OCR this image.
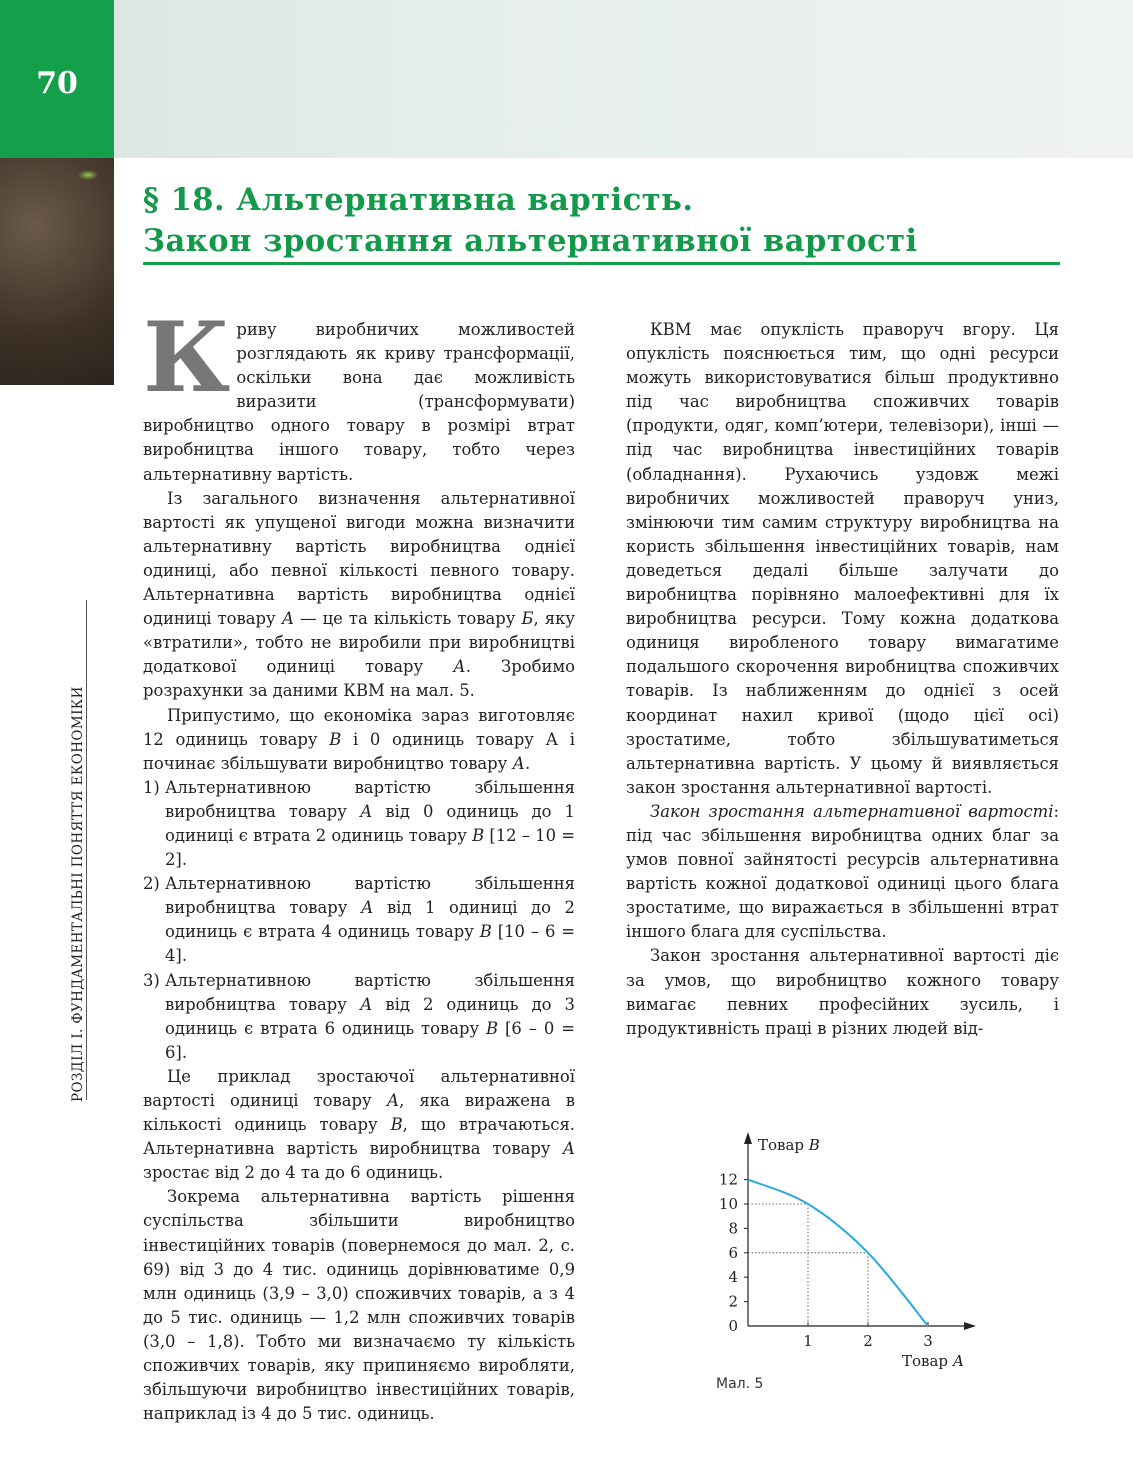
70
РОЗДІЛ І. ФУНДАМЕНТАЛЬНІ ПОНЯТТЯ ЕКОНОМІКИ
§ 18. Альтернативна вартість.
Закон зростання альтернативної вартості

Криву виробничих можливостей розглядають як криву трансформації, оскільки вона дає можливість виразити (трансформувати) виробництво одного товару в розмірі втрат виробництва іншого товару, тобто через альтернативну вартість.

Із загального визначення альтернативної вартості як упущеної вигоди можна визначити альтернативну вартість виробництва однієї одиниці, або певної кількості певного товару. Альтернативна вартість виробництва однієї одиниці товару А — це та кількість товару Б, яку «втратили», тобто не виробили при виробництві додаткової одиниці товару А. Зробимо розрахунки за даними КВМ на мал. 5.

Припустимо, що економіка зараз виготовляє 12 одиниць товару В і 0 одиниць товару А і починає збільшувати виробництво товару А.

1) Альтернативною вартістю збільшення виробництва товару А від 0 одиниць до 1 одиниці є втрата 2 одиниць товару В [12 – 10 = 2].
2) Альтернативною вартістю збільшення виробництва товару А від 1 одиниці до 2 одиниць є втрата 4 одиниць товару В [10 – 6 = 4].
3) Альтернативною вартістю збільшення виробництва товару А від 2 одиниць до 3 одиниць є втрата 6 одиниць товару В [6 – 0 = 6].

Це приклад зростаючої альтернативної вартості одиниці товару А, яка виражена в кількості одиниць товару В, що втрачаються. Альтернативна вартість виробництва товару А зростає від 2 до 4 та до 6 одиниць.

Зокрема альтернативна вартість рішення суспільства збільшити виробництво інвестиційних товарів (повернемося до мал. 2, с. 69) від 3 до 4 тис. одиниць дорівнюватиме 0,9 млн одиниць (3,9 – 3,0) споживчих товарів, а з 4 до 5 тис. одиниць — 1,2 млн споживчих товарів (3,0 – 1,8). Тобто ми визначаємо ту кількість споживчих товарів, яку припиняємо виробляти, збільшуючи виробництво інвестиційних товарів, наприклад із 4 до 5 тис. одиниць.

КВМ має опуклість праворуч вгору. Ця опуклість пояснюється тим, що одні ресурси можуть використовуватися більш продуктивно під час виробництва споживчих товарів (продукти, одяг, комп’ютери, телевізори), інші — під час виробництва інвестиційних товарів (обладнання). Рухаючись уздовж межі виробничих можливостей праворуч униз, змінюючи тим самим структуру виробництва на користь збільшення інвестиційних товарів, нам доведеться дедалі більше залучати до виробництва порівняно малоефективні для їх виробництва ресурси. Тому кожна додаткова одиниця виробленого товару вимагатиме подальшого скорочення виробництва споживчих товарів. Із наближенням до однієї з осей координат нахил кривої (щодо цієї осі) зростатиме, тобто збільшуватиметься альтернативна вартість. У цьому й виявляється закон зростання альтернативної вартості.

Закон зростання альтернативної вартості: під час збільшення виробництва одних благ за умов повної зайнятості ресурсів альтернативна вартість кожної додаткової одиниці цього блага зростатиме, що виражається в збільшенні втрат іншого блага для суспільства.

Закон зростання альтернативної вартості діє за умов, що виробництво кожного товару вимагає певних професійних зусиль, і продуктивність праці в різних людей від-

0
2
4
6
8
10
12
1	2	3
Товар В
Товар А
Мал. 5
